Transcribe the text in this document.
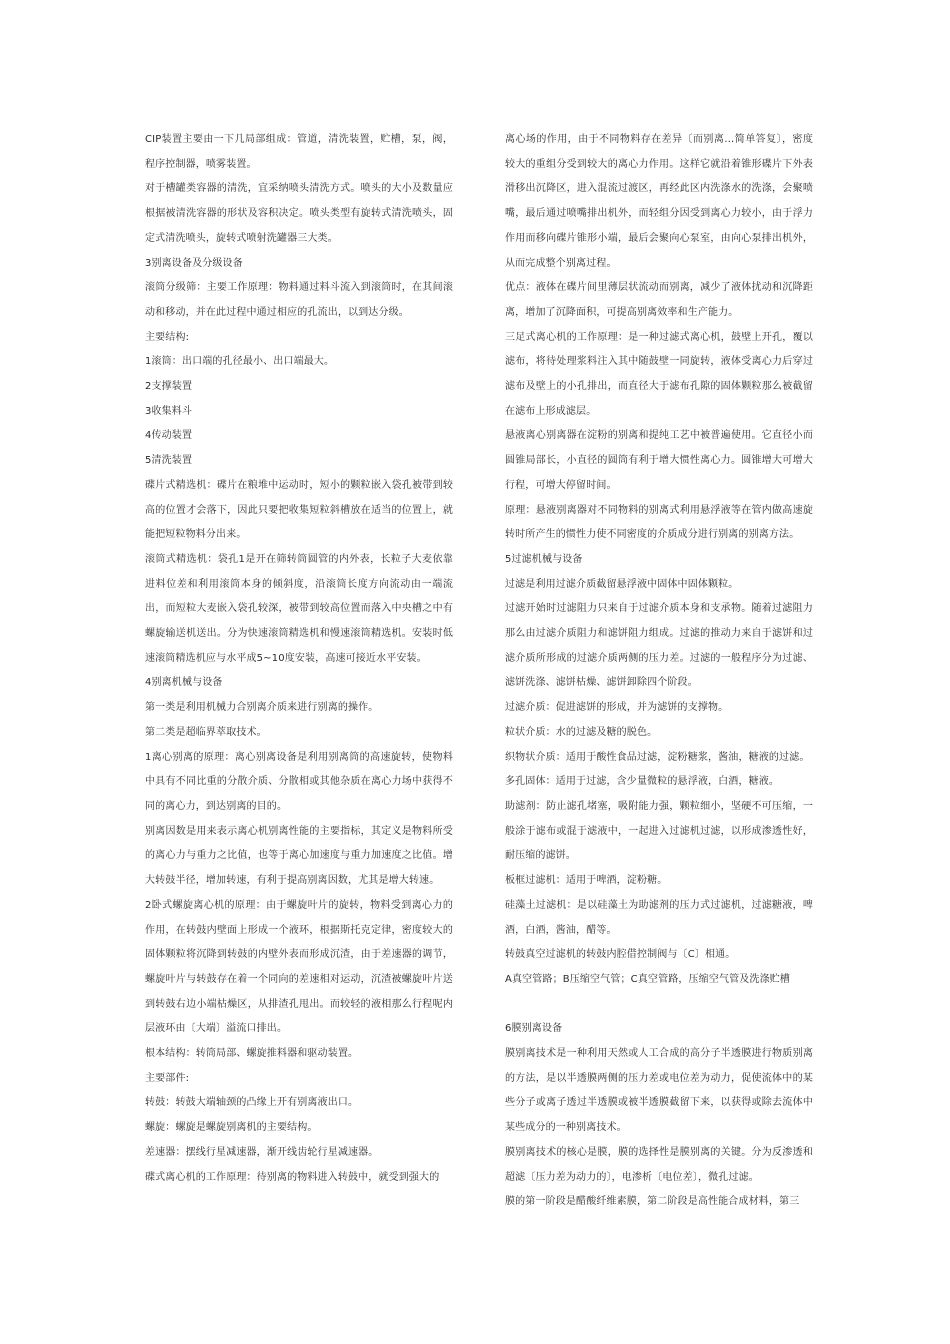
CIP装置主要由一下几局部组成：管道，清洗装置，贮槽，泵，阀，程序控制器，喷雾装置。

对于槽罐类容器的清洗，宜采纳喷头清洗方式。喷头的大小及数量应根据被清洗容器的形状及容积决定。喷头类型有旋转式清洗喷头，固定式清洗喷头，旋转式喷射洗罐器三大类。

3别离设备及分级设备

滚筒分级筛：主要工作原理：物料通过料斗流入到滚筒时，在其间滚动和移动，并在此过程中通过相应的孔流出，以到达分级。

主要结构:

1滚筒：出口端的孔径最小、出口端最大。

2支撑装置

3收集料斗

4传动装置

5清洗装置

碟片式精选机：碟片在粮堆中运动时，短小的颗粒嵌入袋孔被带到较高的位置才会落下，因此只要把收集短粒斜槽放在适当的位置上，就能把短粒物料分出来。

滚筒式精选机：袋孔1是开在筛转筒圆管的内外表，长粒子大麦依靠进料位差和利用滚筒本身的倾斜度，沿滚筒长度方向流动由一端流出，而短粒大麦嵌入袋孔较深，被带到较高位置而落入中央槽之中有螺旋输送机送出。分为快速滚筒精选机和慢速滚筒精选机。安装时低速滚筒精选机应与水平成5~10度安装，高速可接近水平安装。

4别离机械与设备

第一类是利用机械力合别离介质来进行别离的操作。

第二类是超临界萃取技术。

1离心别离的原理：离心别离设备是利用别离筒的高速旋转，使物料中具有不同比重的分散介质、分散相或其他杂质在离心力场中获得不同的离心力，到达别离的目的。

别离因数是用来表示离心机别离性能的主要指标，其定义是物料所受的离心力与重力之比值，也等于离心加速度与重力加速度之比值。增大转鼓半径，增加转速，有利于提高别离因数，尤其是增大转速。

2卧式螺旋离心机的原理：由于螺旋叶片的旋转，物料受到离心力的作用，在转鼓内壁面上形成一个液环，根据斯托克定律，密度较大的固体颗粒将沉降到转鼓的内壁外表而形成沉渣，由于差速器的调节，螺旋叶片与转鼓存在着一个同向的差速相对运动，沉渣被螺旋叶片送到转鼓右边小端枯燥区，从排渣孔甩出。而较轻的液相那么行程呢内层液环由〔大端〕溢流口排出。

根本结构：转筒局部、螺旋推料器和驱动装置。

主要部件:

转鼓：转鼓大端轴颈的凸缘上开有别离液出口。

螺旋：螺旋是螺旋别离机的主要结构。

差速器：摆线行星减速器，渐开线齿轮行星减速器。

碟式离心机的工作原理：待别离的物料进入转鼓中，就受到强大的

离心场的作用，由于不同物料存在差异〔而别离…简单答复〕，密度较大的重组分受到较大的离心力作用。这样它就沿着锥形碟片下外表滑移出沉降区，进入混流过渡区，再经此区内洗涤水的洗涤，会聚喷嘴，最后通过喷嘴排出机外，而轻组分因受到离心力较小，由于浮力作用而移向碟片锥形小端，最后会聚向心泵室，由向心泵排出机外，从而完成整个别离过程。

优点：液体在碟片间里薄层状流动而别离，减少了液体扰动和沉降距离，增加了沉降面积，可提高别离效率和生产能力。

三足式离心机的工作原理：是一种过滤式离心机，鼓壁上开孔，覆以滤布，将待处理浆料注入其中随鼓壁一同旋转，液体受离心力后穿过滤布及壁上的小孔排出，而直径大于滤布孔隙的固体颗粒那么被截留在滤布上形成滤层。

悬液离心别离器在淀粉的别离和提纯工艺中被普遍使用。它直径小而圆锥局部长，小直径的圆筒有利于增大惯性离心力。圆锥增大可增大行程，可增大停留时间。

原理：悬液别离器对不同物料的别离式利用悬浮液等在管内做高速旋转时所产生的惯性力使不同密度的介质成分进行别离的别离方法。

5过滤机械与设备

过滤是利用过滤介质截留悬浮液中固体中固体颗粒。

过滤开始时过滤阻力只来自于过滤介质本身和支承物。随着过滤阻力那么由过滤介质阻力和滤饼阻力组成。过滤的推动力来自于滤饼和过滤介质所形成的过滤介质两侧的压力差。过滤的一般程序分为过滤、滤饼洗涤、滤饼枯燥、滤饼卸除四个阶段。

过滤介质：促进滤饼的形成，并为滤饼的支撑物。

粒状介质：水的过滤及糖的脱色。

织物状介质：适用于酸性食品过滤，淀粉糖浆，酱油，糖液的过滤。

多孔固体：适用于过滤，含少量微粒的悬浮液，白酒，糖液。

助滤剂：防止滤孔堵塞，吸附能力强，颗粒细小，坚硬不可压缩，一般涂于滤布或混于滤液中，一起进入过滤机过滤，以形成渗透性好，耐压缩的滤饼。

板框过滤机：适用于啤酒，淀粉糖。

硅藻土过滤机：是以硅藻土为助滤剂的压力式过滤机，过滤糖液，啤酒，白酒，酱油，醋等。

转鼓真空过滤机的转鼓内腔借控制阀与〔C〕相通。

A真空管路；B压缩空气管；C真空管路，压缩空气管及洗涤贮槽

6膜别离设备

膜别离技术是一种利用天然或人工合成的高分子半透膜进行物质别离的方法，是以半透膜两侧的压力差或电位差为动力，促使流体中的某些分子或离子透过半透膜或被半透膜截留下来，以获得或除去流体中某些成分的一种别离技术。

膜别离技术的核心是膜，膜的选择性是膜别离的关键。分为反渗透和超滤〔压力差为动力的〕，电渗析〔电位差〕，微孔过滤。

膜的第一阶段是醋酸纤维素膜，第二阶段是高性能合成材料，第三
